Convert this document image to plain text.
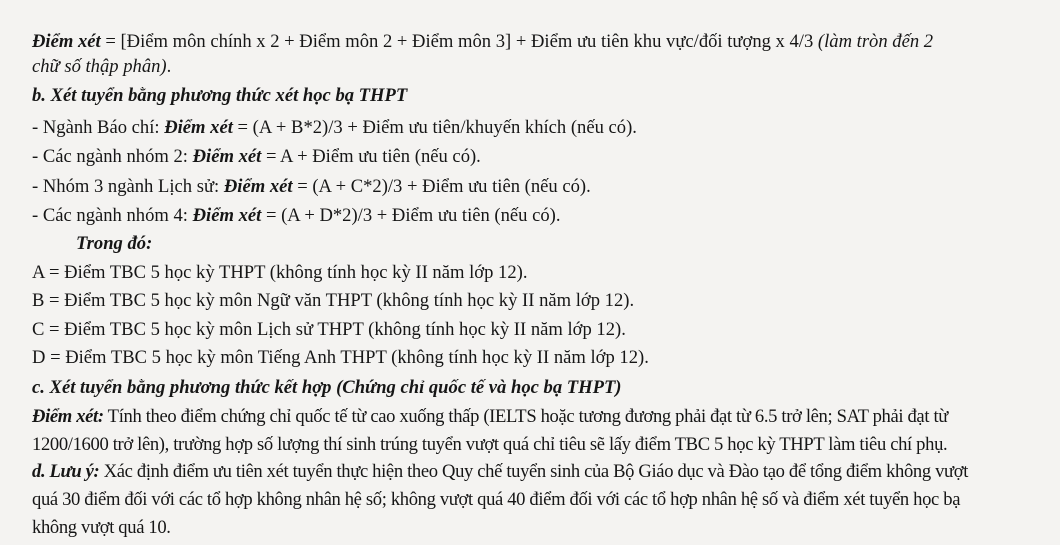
Điểm xét = [Điểm môn chính x 2 + Điểm môn 2 + Điểm môn 3] + Điểm ưu tiên khu vực/đối tượng x 4/3 (làm tròn đến 2
chữ số thập phân).
b. Xét tuyển bằng phương thức xét học bạ THPT
- Ngành Báo chí: Điểm xét = (A + B*2)/3 + Điểm ưu tiên/khuyến khích (nếu có).
- Các ngành nhóm 2: Điểm xét = A + Điểm ưu tiên (nếu có).
- Nhóm 3 ngành Lịch sử: Điểm xét = (A + C*2)/3 + Điểm ưu tiên (nếu có).
- Các ngành nhóm 4: Điểm xét = (A + D*2)/3 + Điểm ưu tiên (nếu có).
Trong đó:
A = Điểm TBC 5 học kỳ THPT (không tính học kỳ II năm lớp 12).
B = Điểm TBC 5 học kỳ môn Ngữ văn THPT (không tính học kỳ II năm lớp 12).
C = Điểm TBC 5 học kỳ môn Lịch sử THPT (không tính học kỳ II năm lớp 12).
D = Điểm TBC 5 học kỳ môn Tiếng Anh THPT (không tính học kỳ II năm lớp 12).
c. Xét tuyển bằng phương thức kết hợp (Chứng chỉ quốc tế và học bạ THPT)
Điểm xét: Tính theo điểm chứng chỉ quốc tế từ cao xuống thấp (IELTS hoặc tương đương phải đạt từ 6.5 trở lên; SAT phải đạt từ
1200/1600 trở lên), trường hợp số lượng thí sinh trúng tuyển vượt quá chỉ tiêu sẽ lấy điểm TBC 5 học kỳ THPT làm tiêu chí phụ.
d. Lưu ý: Xác định điểm ưu tiên xét tuyển thực hiện theo Quy chế tuyển sinh của Bộ Giáo dục và Đào tạo để tổng điểm không vượt
quá 30 điểm đối với các tổ hợp không nhân hệ số; không vượt quá 40 điểm đối với các tổ hợp nhân hệ số và điểm xét tuyển học bạ
không vượt quá 10.
